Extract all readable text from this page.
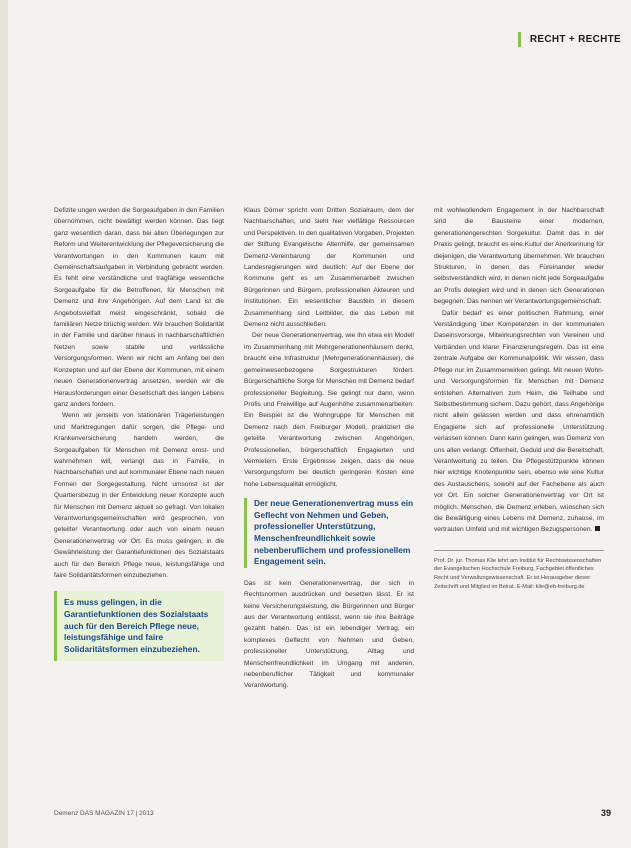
RECHT + RECHTE

Defizite ungen werden die Sorgeaufgaben in den Familien übernommen, nicht bewältigt werden können. Das liegt ganz wesentlich daran, dass bei allen Überlegungen zur Reform und Weiterentwicklung der Pflegeversicherung die Verantwortungen in den Kommunen kaum mit Gemeinschaftsaufgaben in Verbindung gebracht werden. Es fehlt eine verständliche und tragfähige wesentliche Sorgeaufgabe für die Betroffenen, für Menschen mit Demenz und ihre Angehörigen. Auf dem Land ist die Angebotsvielfalt meist eingeschränkt, sobald die familiären Netze brüchig werden. Wir brauchen Solidarität in der Familie und darüber hinaus in nachbarschaftlichen Netzen sowie stabile und verlässliche Versorgungsformen. Wenn wir nicht am Anfang bei den Konzepten und auf der Ebene der Kommunen, mit einem neuen Generationenvertrag ansetzen, werden wir die Herausforderungen einer Gesellschaft des langen Lebens ganz anders fordern.

Wenn wir jenseits von stationären Trägerleistungen und Marktregungen dafür sorgen, die Pflege- und Krankenversicherung handeln werden, die Sorgeaufgaben für Menschen mit Demenz ernst- und wahrnehmen will, verlangt das in Familie, in Nachbarschaften und auf kommunaler Ebene nach neuen Formen der Sorgegestaltung. Nicht umsonst ist der Quartiersbezug in der Entwicklung neuer Konzepte auch für Menschen mit Demenz aktuell so gefragt. Von lokalen Verantwortungsgemeinschaften wird gesprochen, von geteilter Verantwortung oder auch von einem neuen Generationenvertrag vor Ort. Es muss gelingen, in die Gewährleistung der Garantiefunktionen des Sozialstaats auch für den Bereich Pflege neue, leistungsfähige und faire Solidaritätsformen einzubeziehen.

Es muss gelingen, in die Garantiefunktionen des Sozialstaats auch für den Bereich Pflege neue, leistungsfähige und faire Solidaritätsformen einzubeziehen.

Klaus Dörner spricht vom Dritten Sozialraum, dem der Nachbarschaften, und sieht hier vielfältige Ressourcen und Perspektiven. In den qualitativen Vorgaben, Projekten der Stiftung Evangelische Altenhilfe, der gemeinsamen Demenz-Vereinbarung der Kommunen und Landesregierungen wird deutlich: Auf der Ebene der Kommune geht es um Zusammenarbeit zwischen Bürgerinnen und Bürgern, professionellen Akteuren und Institutionen. Ein wesentlicher Baustein in diesem Zusammenhang sind Leitbilder, die das Leben mit Demenz nicht ausschließen.

Der neue Generationenvertrag, wie ihn etwa ein Modell im Zusammenhang mit Mehrgenerationenhäusern denkt, braucht eine Infrastruktur (Mehrgenerationenhäuser), die gemeinwesenbezogene Sorgestrukturen fördert. Bürgerschaftliche Sorge für Menschen mit Demenz bedarf professioneller Begleitung. Sie gelingt nur dann, wenn Profis und Freiwillige auf Augenhöhe zusammenarbeiten. Ein Beispiel ist die Wohngruppe für Menschen mit Demenz nach dem Freiburger Modell, praktiziert die geteilte Verantwortung zwischen Angehörigen, Professionellen, bürgerschaftlich Engagierten und Vermietern. Erste Ergebnisse zeigen, dass die neue Versorgungsform bei deutlich geringeren Kosten eine hohe Lebensqualität ermöglicht.

Der neue Generationenvertrag muss ein Geflecht von Nehmen und Geben, professioneller Unterstützung, Menschenfreundlichkeit sowie nebenberuflichem und professionellem Engagement sein.

Das ist kein Generationenvertrag, der sich in Rechtsnormen ausdrücken und besetzen lässt. Er ist keine Versicherungsleistung, die Bürgerinnen und Bürger aus der Verantwortung entlässt, wenn sie ihre Beiträge gezahlt haben. Das ist ein lebendiger Vertrag, ein komplexes Geflecht von Nehmen und Geben, professioneller Unterstützung, Alltag und Menschenfreundlichkeit im Umgang mit anderen, nebenberuflicher Tätigkeit und kommunaler Verantwortung.

mit wohlwollendem Engagement in der Nachbarschaft sind die Bausteine einer modernen, generationengerechten Sorgekultur. Damit das in der Praxis gelingt, braucht es eine Kultur der Anerkennung für diejenigen, die Verantwortung übernehmen. Wir brauchen Strukturen, in denen das Füreinander wieder selbstverständlich wird, in denen nicht jede Sorgeaufgabe an Profis delegiert wird und in denen sich Generationen begegnen. Das nennen wir Verantwortungsgemeinschaft.

Dafür bedarf es einer politischen Rahmung, einer Verständigung über Kompetenzen in der kommunalen Daseinsvorsorge, Mitwirkungsrechten von Vereinen und Verbänden und klarer Finanzierungsregeln. Das ist eine zentrale Aufgabe der Kommunalpolitik. Wir wissen, dass Pflege nur im Zusammenwirken gelingt. Mit neuen Wohn- und Versorgungsformen für Menschen mit Demenz entstehen Alternativen zum Heim, die Teilhabe und Selbstbestimmung sichern. Dazu gehört, dass Angehörige nicht allein gelassen werden und dass ehrenamtlich Engagierte sich auf professionelle Unterstützung verlassen können. Dann kann gelingen, was Demenz von uns allen verlangt: Offenheit, Geduld und die Bereitschaft, Verantwortung zu teilen. Die Pflegestützpunkte können hier wichtige Knotenpunkte sein, ebenso wie eine Kultur des Austauschens, sowohl auf der Fachebene als auch vor Ort. Ein solcher Generationenvertrag vor Ort ist möglich. Menschen, die Demenz erleben, wünschen sich die Bewältigung eines Lebens mit Demenz, zuhause, im vertrauten Umfeld und mit wichtigen Bezugspersonen.

Prof. Dr. jur. Thomas Klie lehrt am Institut für Rechtswissenschaften der Evangelischen Hochschule Freiburg, Fachgebiet öffentliches Recht und Verwaltungswissenschaft. Er ist Herausgeber dieser Zeitschrift und Mitglied im Beirat. E-Mail: klie@eh-freiburg.de
Demenz DAS MAGAZIN 17 | 2013	39
